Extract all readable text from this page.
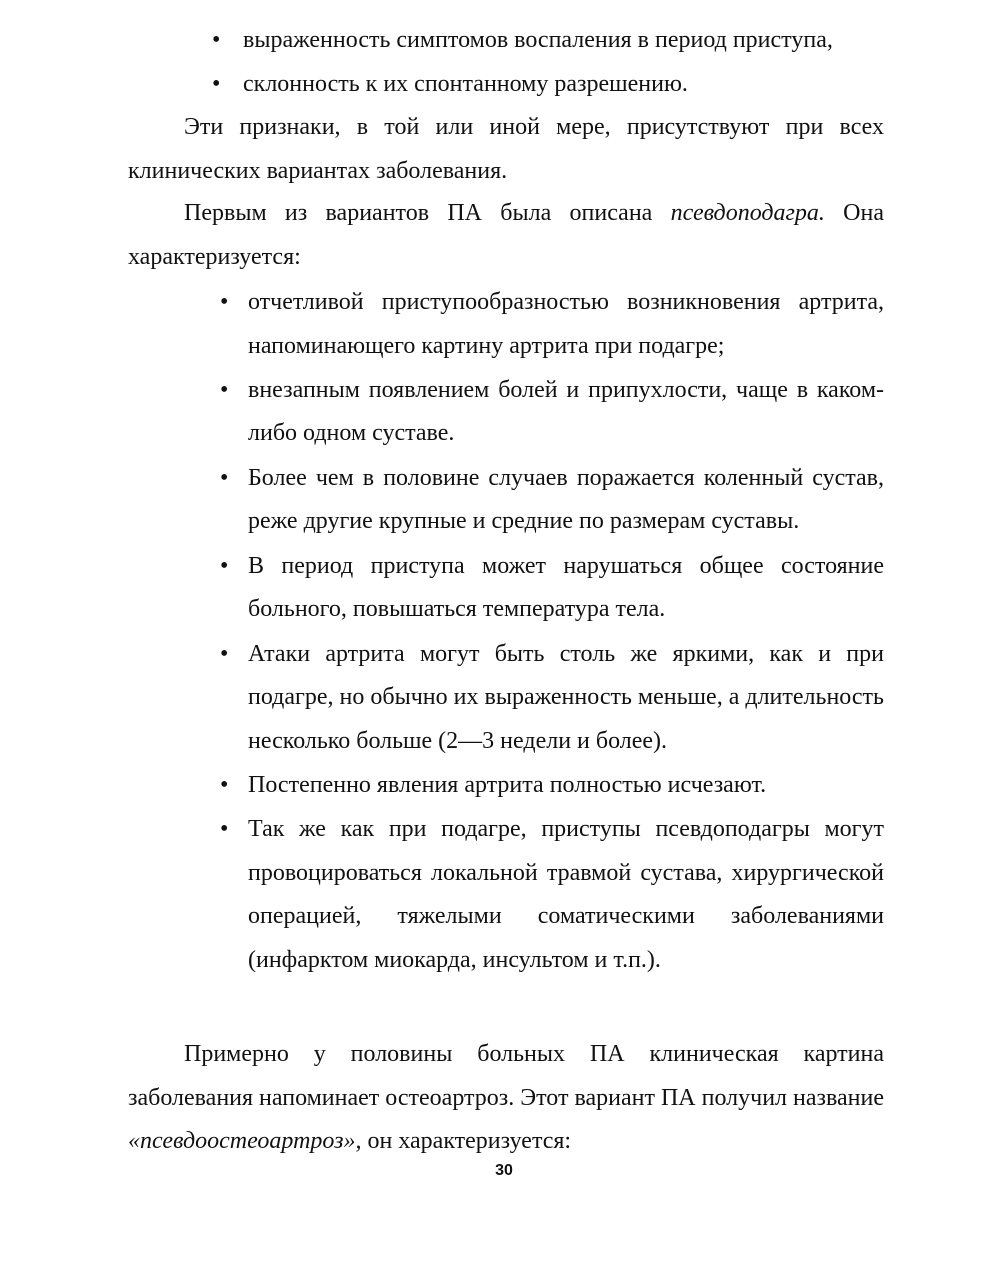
• выраженность симптомов воспаления в период приступа,
• склонность к их спонтанному разрешению.

Эти признаки, в той или иной мере, присутствуют при всех клинических вариантах заболевания.

Первым из вариантов ПА была описана псевдоподагра. Она характеризуется:

• отчетливой приступообразностью возникновения артрита, напоминающего картину артрита при подагре;
• внезапным появлением болей и припухлости, чаще в каком-либо одном суставе.
• Более чем в половине случаев поражается коленный сустав, реже другие крупные и средние по размерам суставы.
• В период приступа может нарушаться общее состояние больного, повышаться температура тела.
• Атаки артрита могут быть столь же яркими, как и при подагре, но обычно их выраженность меньше, а длительность несколько больше (2—3 недели и более).
• Постепенно явления артрита полностью исчезают.
• Так же как при подагре, приступы псевдоподагры могут провоцироваться локальной травмой сустава, хирургической операцией, тяжелыми соматическими заболеваниями (инфарктом миокарда, инсультом и т.п.).

Примерно у половины больных ПА клиническая картина заболевания напоминает остеоартроз. Этот вариант ПА получил название «псевдоостеоартроз», он характеризуется:

30
